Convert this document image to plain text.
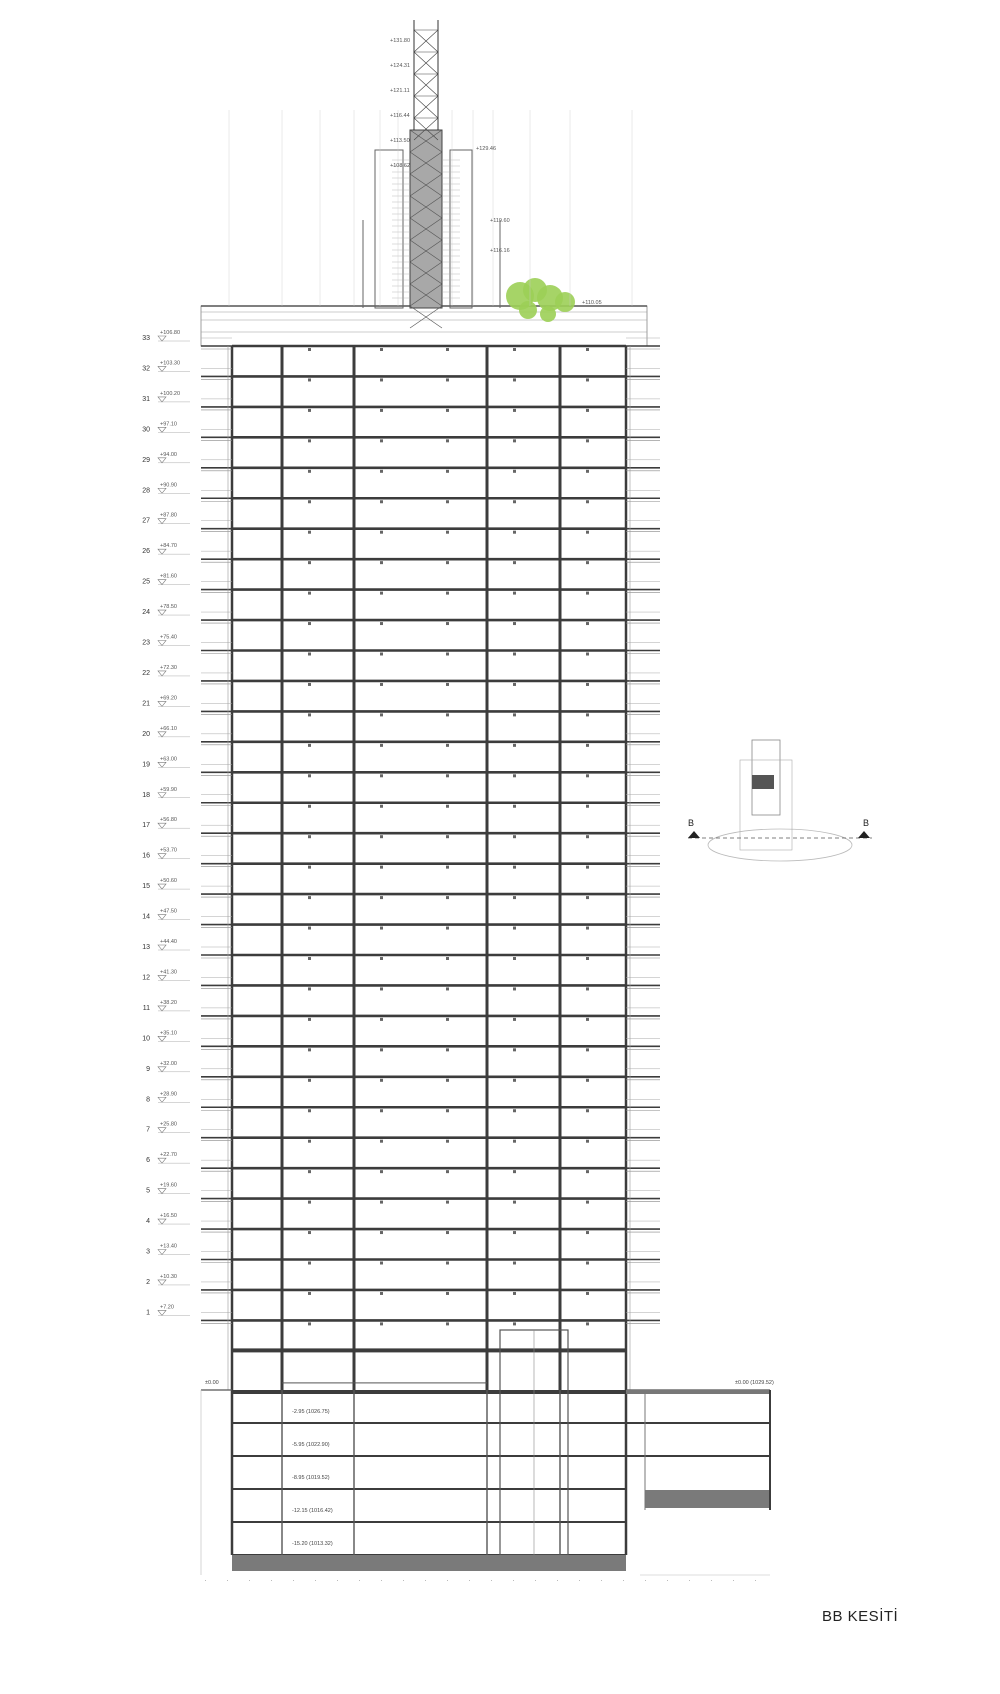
33
+106.80
32
+103.30
31
+100.20
30
+97.10
29
+94.00
28
+90.90
27
+87.80
26
+84.70
25
+81.60
24
+78.50
23
+75.40
22
+72.30
21
+69.20
20
+66.10
19
+63.00
18
+59.90
17
+56.80
16
+53.70
15
+50.60
14
+47.50
13
+44.40
12
+41.30
11
+38.20
10
+35.10
9
+32.00
8
+28.90
7
+25.80
6
+22.70
5
+19.60
4
+16.50
3
+13.40
2
+10.30
1
+7.20
-2.95 (1026.75)
-5.95 (1022.90)
-8.95 (1019.52)
-12.15 (1016.42)
-15.20 (1013.32)
±0.00	±0.00 (1029.52)
+131.80
+124.31
+121.11
+116.44
+113.50
+108.62
+110.05
+129.46
+119.60
+116.16
B	B
BB KESİTİ
